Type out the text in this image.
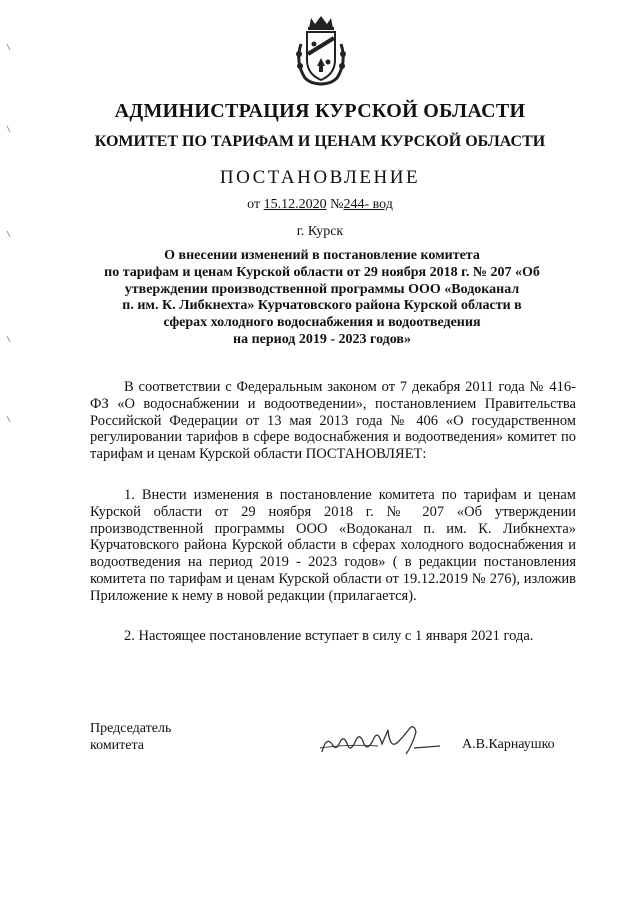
АДМИНИСТРАЦИЯ КУРСКОЙ ОБЛАСТИ
КОМИТЕТ ПО ТАРИФАМ И ЦЕНАМ КУРСКОЙ ОБЛАСТИ
ПОСТАНОВЛЕНИЕ
от 15.12.2020 №244- вод
г. Курск
О внесении изменений в постановление комитета
по тарифам и ценам Курской области от 29 ноября 2018 г. № 207 «Об
утверждении производственной программы ООО «Водоканал
п. им. К. Либкнехта» Курчатовского района Курской области в
сферах холодного водоснабжения и водоотведения
на период 2019 - 2023 годов»
В соответствии с Федеральным законом от 7 декабря 2011 года № 416-ФЗ «О водоснабжении и водоотведении», постановлением Правительства Российской Федерации от 13 мая 2013 года № 406 «О государственном регулировании тарифов в сфере водоснабжения и водоотведения» комитет по тарифам и ценам Курской области ПОСТАНОВЛЯЕТ:
1. Внести изменения в постановление комитета по тарифам и ценам Курской области от 29 ноября 2018 г. № 207 «Об утверждении производственной программы ООО «Водоканал п. им. К. Либкнехта» Курчатовского района Курской области в сферах холодного водоснабжения и водоотведения на период 2019 - 2023 годов» ( в редакции постановления комитета по тарифам и ценам Курской области от 19.12.2019 № 276), изложив Приложение к нему в новой редакции (прилагается).
2. Настоящее постановление вступает в силу с 1 января 2021 года.
Председатель
комитета	А.В.Карнаушко
